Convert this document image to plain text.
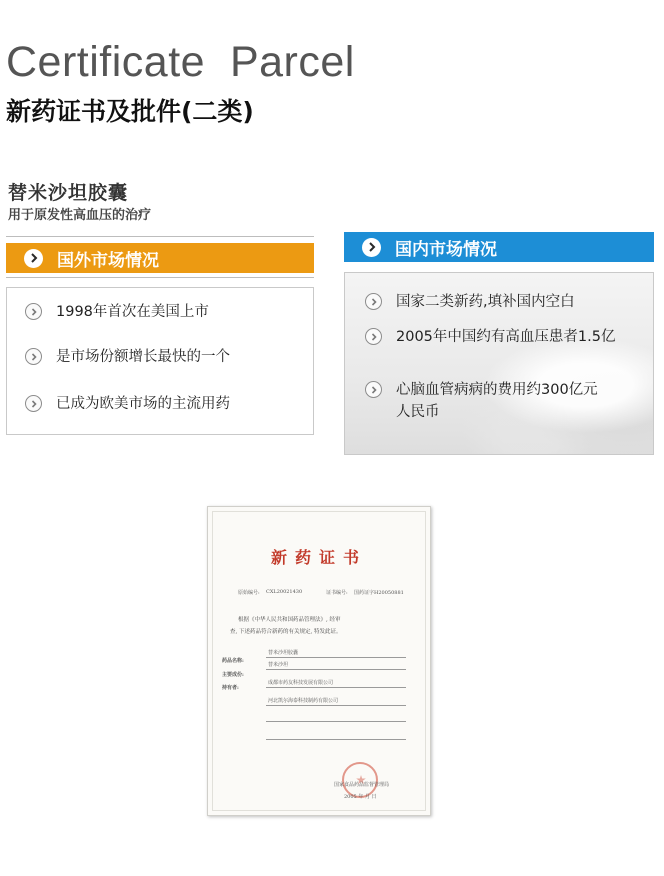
Certificate  Parcel
新药证书及批件(二类)
替米沙坦胶囊
用于原发性高血压的治疗
国外市场情况
1998年首次在美国上市
是市场份额增长最快的一个
已成为欧美市场的主流用药
国内市场情况
国家二类新药,填补国内空白
2005年中国约有高血压患者1.5亿
心脑血管病病的费用约300亿元
人民币
新药证书
原始编号: CXL20021430	证书编号: 国药证字H20050881
根据《中华人民共和国药品管理法》, 经审
查, 下述药品符合新药的有关规定, 特发此证。
药品名称:
替米沙坦胶囊
替米沙坦
主要成份:
持有者:
成都市药友科技发展有限公司
河北凯尔海泰科技制药有限公司
国家食品药品监督管理局
2005 年 月 日
